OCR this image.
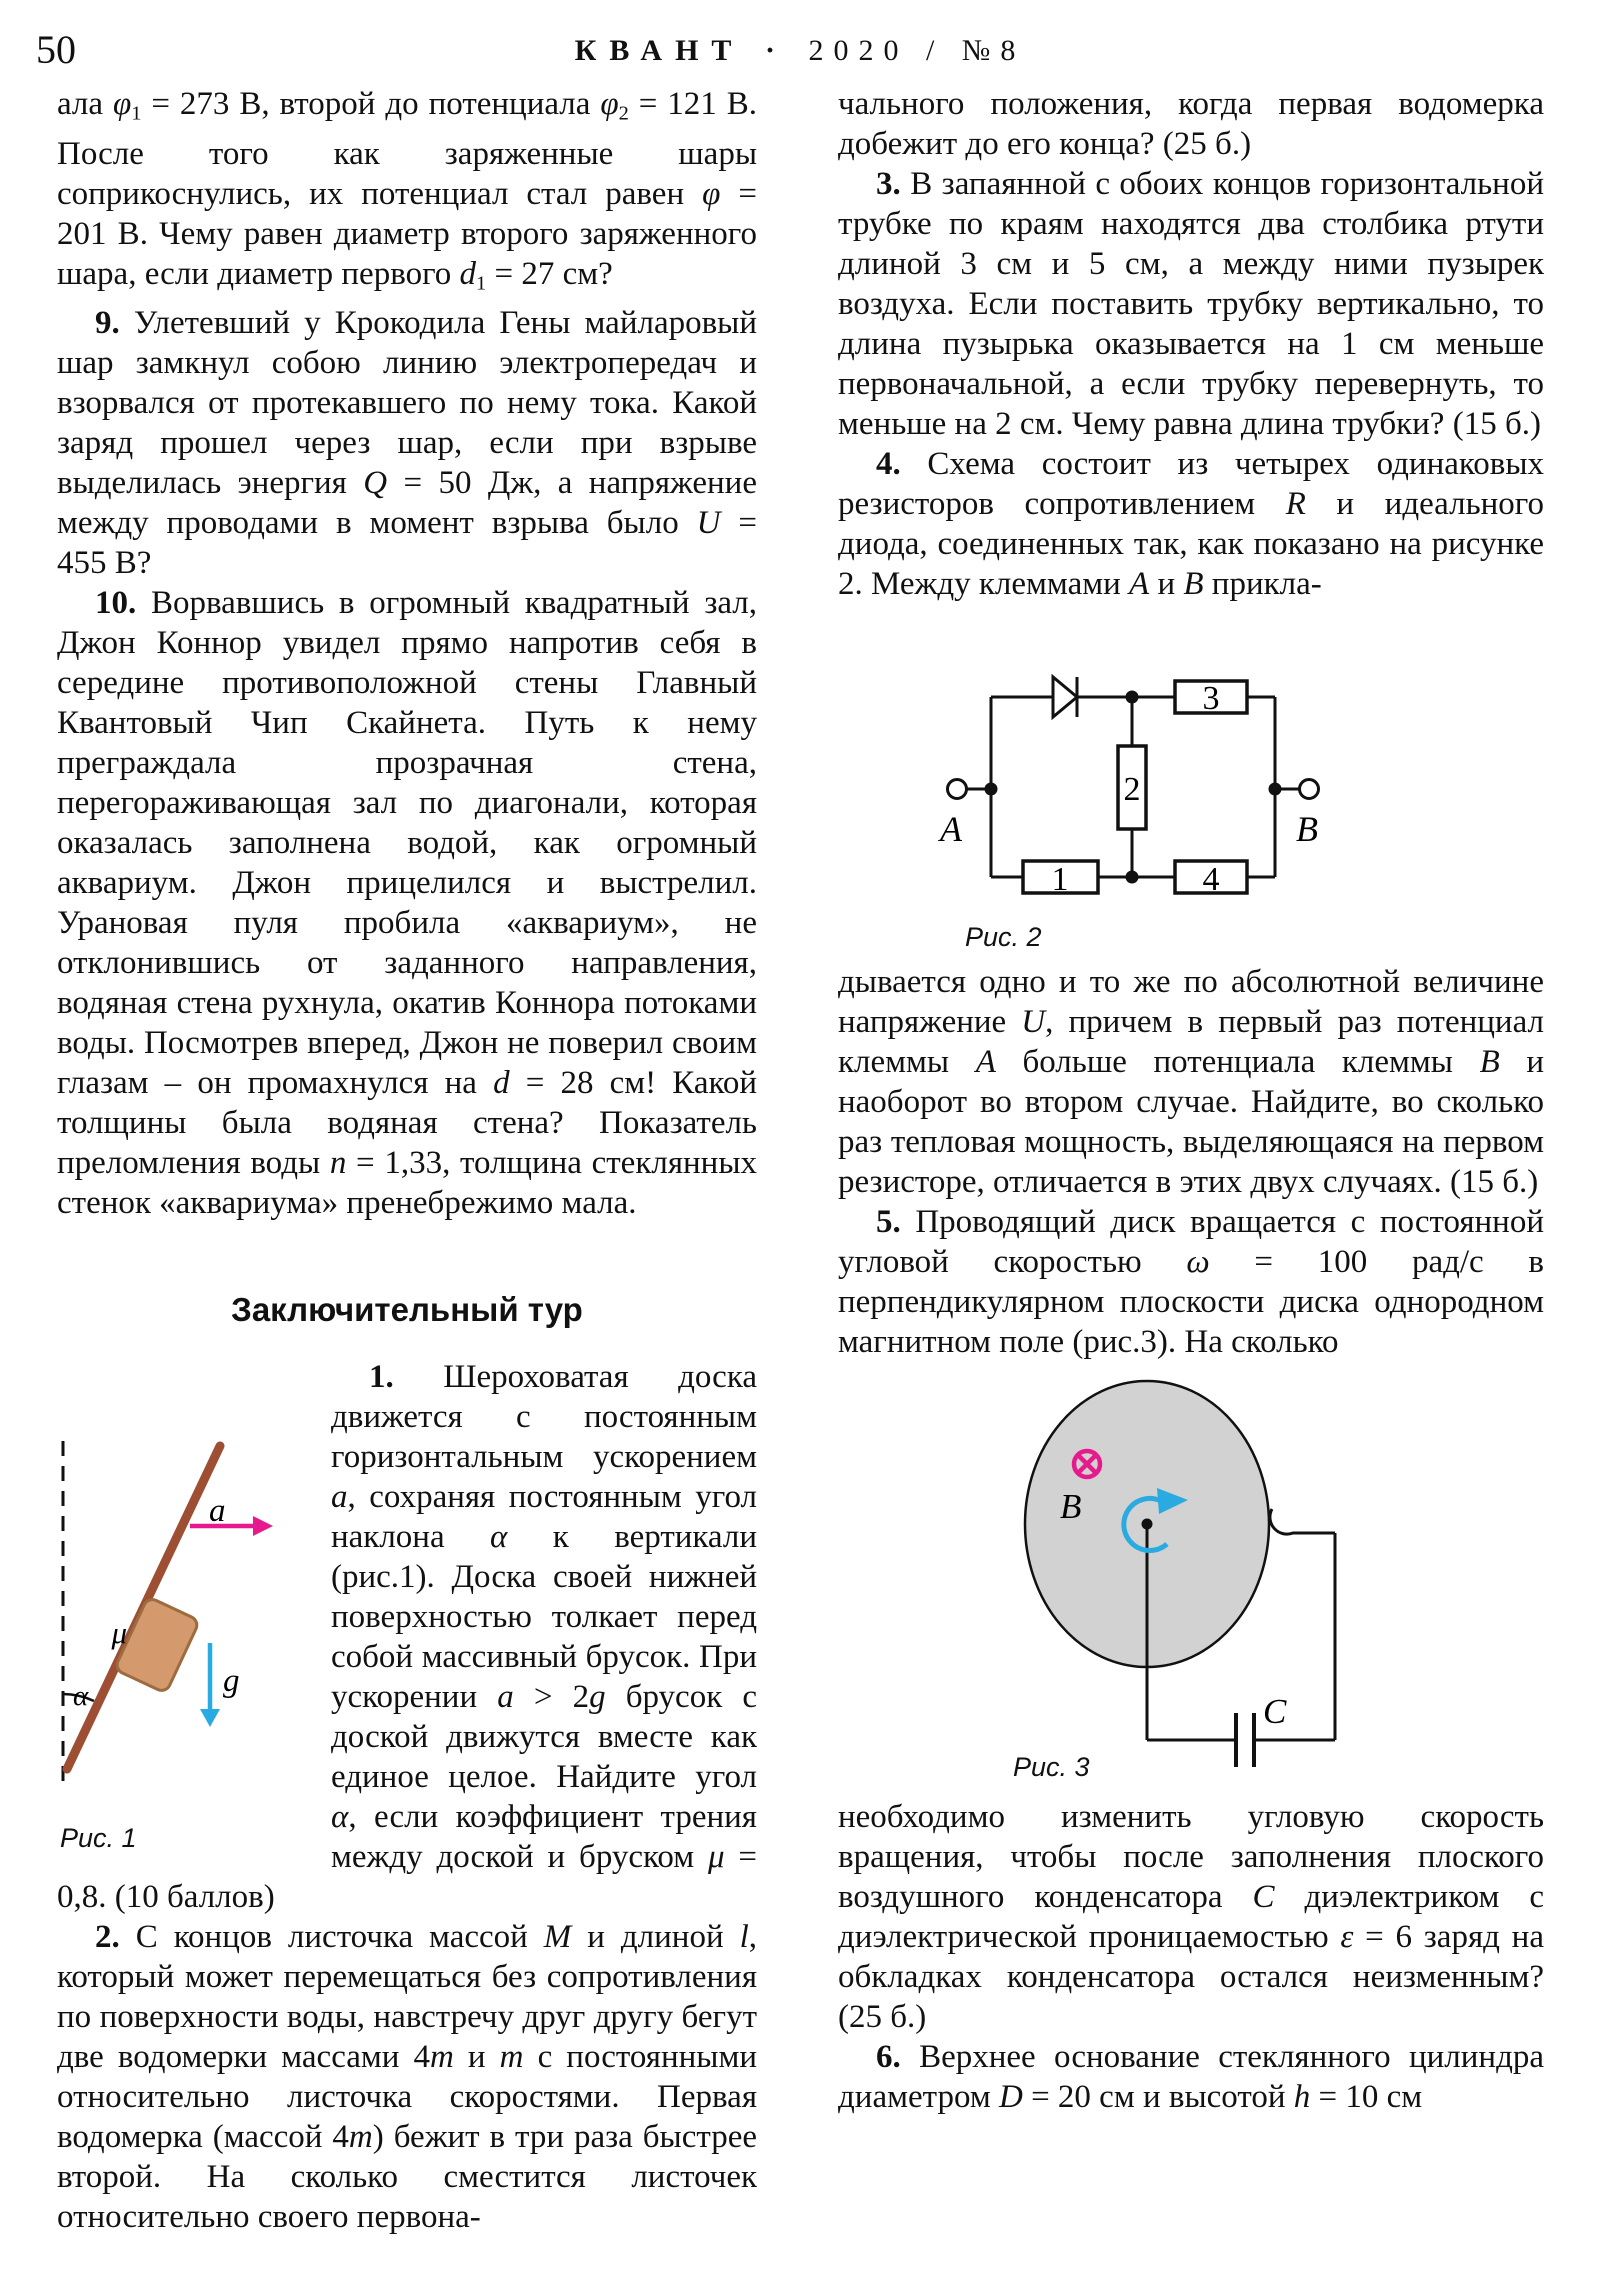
50	КВАНТ · 2020 / №8

ала $\varphi_1 = 273$ В, второй до потенциала $\varphi_2 = 121$ В. После того как заряженные шары соприкоснулись, их потенциал стал равен φ = 201 В. Чему равен диаметр второго заряженного шара, если диаметр первого $d_1 = 27$ см?

9. Улетевший у Крокодила Гены майларовый шар замкнул собою линию электропередач и взорвался от протекавшего по нему тока. Какой заряд прошел через шар, если при взрыве выделилась энергия Q = 50 Дж, а напряжение между проводами в момент взрыва было U = 455 В?

10. Ворвавшись в огромный квадратный зал, Джон Коннор увидел прямо напротив себя в середине противоположной стены Главный Квантовый Чип Скайнета. Путь к нему преграждала прозрачная стена, перегораживающая зал по диагонали, которая оказалась заполнена водой, как огромный аквариум. Джон прицелился и выстрелил. Урановая пуля пробила «аквариум», не отклонившись от заданного направления, водяная стена рухнула, окатив Коннора потоками воды. Посмотрев вперед, Джон не поверил своим глазам – он промахнулся на d = 28 см! Какой толщины была водяная стена? Показатель преломления воды n = 1,33, толщина стеклянных стенок «аквариума» пренебрежимо мала.

Заключительный тур

a
g
μ
α
Рис. 1
1. Шероховатая доска движется с постоянным горизонтальным ускорением a, сохраняя постоянным угол наклона α к вертикали (рис.1). Доска своей нижней поверхностью толкает перед собой массивный брусок. При ускорении a > 2g брусок с доской движутся вместе как единое целое. Найдите угол α, если коэффициент трения между доской и бруском μ = 0,8. (10 баллов)

2. С концов листочка массой M и длиной l, который может перемещаться без сопротивления по поверхности воды, навстречу друг другу бегут две водомерки массами 4m и m с постоянными относительно листочка скоростями. Первая водомерка (массой 4m) бежит в три раза быстрее второй. На сколько сместится листочек относительно своего первона-

чального положения, когда первая водомерка добежит до его конца? (25 б.)

3. В запаянной с обоих концов горизонтальной трубке по краям находятся два столбика ртути длиной 3 см и 5 см, а между ними пузырек воздуха. Если поставить трубку вертикально, то длина пузырька оказывается на 1 см меньше первоначальной, а если трубку перевернуть, то меньше на 2 см. Чему равна длина трубки? (15 б.)

4. Схема состоит из четырех одинаковых резисторов сопротивлением R и идеального диода, соединенных так, как показано на рисунке 2. Между клеммами A и B прикла-

3
2
1	4
A	B
Рис. 2

дывается одно и то же по абсолютной величине напряжение U, причем в первый раз потенциал клеммы A больше потенциала клеммы B и наоборот во втором случае. Найдите, во сколько раз тепловая мощность, выделяющаяся на первом резисторе, отличается в этих двух случаях. (15 б.)

5. Проводящий диск вращается с постоянной угловой скоростью ω = 100 рад/с в перпендикулярном плоскости диска однородном магнитном поле (рис.3). На сколько

B
C
Рис. 3

необходимо изменить угловую скорость вращения, чтобы после заполнения плоского воздушного конденсатора C диэлектриком с диэлектрической проницаемостью ε = 6 заряд на обкладках конденсатора остался неизменным? (25 б.)

6. Верхнее основание стеклянного цилиндра диаметром D = 20 см и высотой h = 10 см
